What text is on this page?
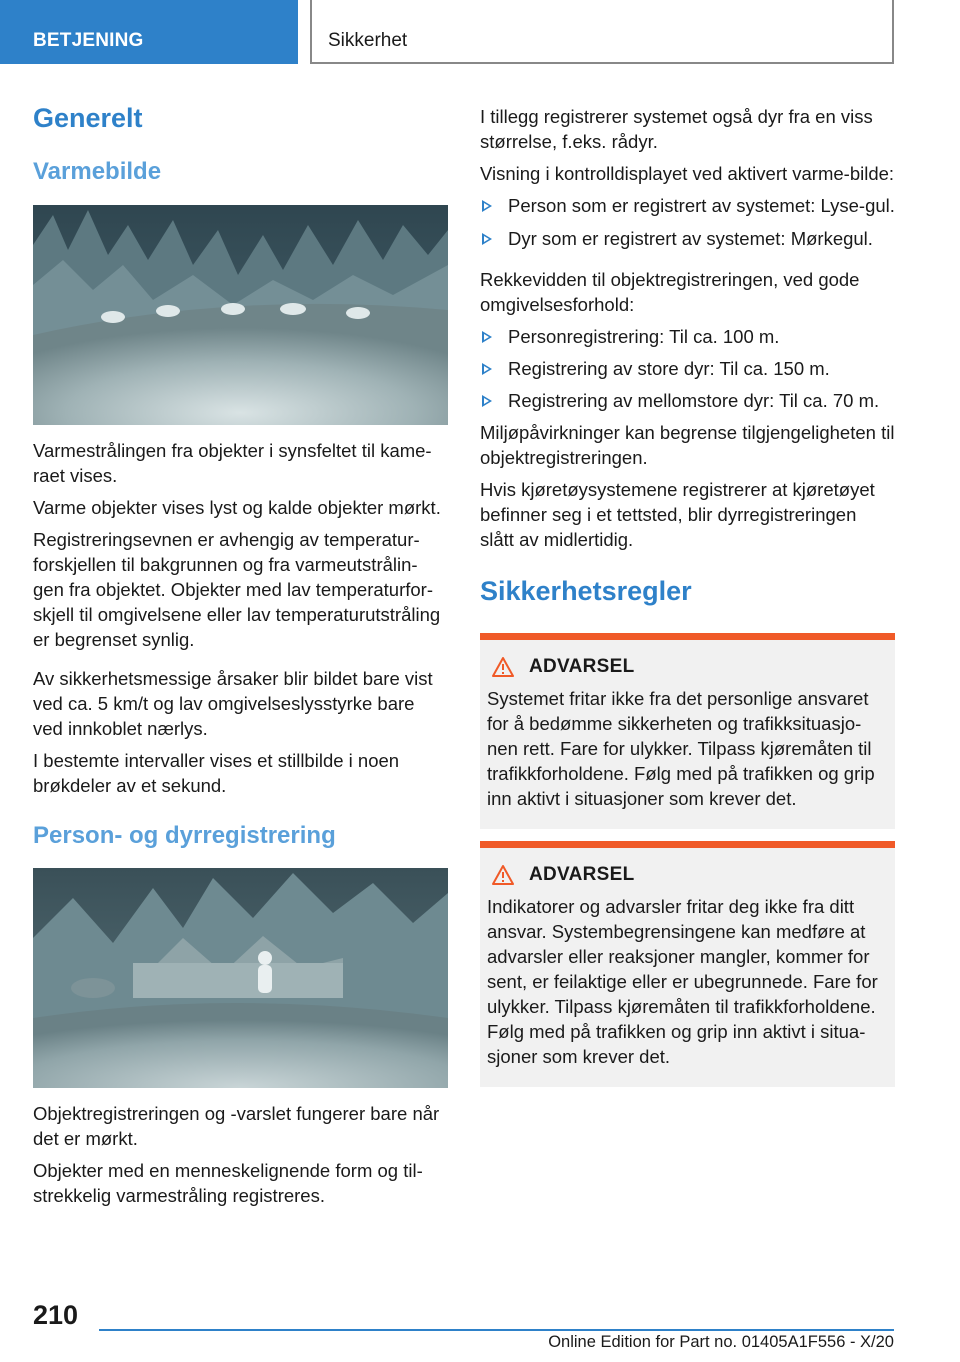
BETJENING	Sikkerhet
Generelt
Varmebilde

Varmestrålingen fra objekter i synsfeltet til kame‐raet vises.

Varme objekter vises lyst og kalde objekter mørkt.

Registreringsevnen er avhengig av temperatur‐forskjellen til bakgrunnen og fra varmeutstrålin‐gen fra objektet. Objekter med lav temperaturfor‐skjell til omgivelsene eller lav temperaturutstråling er begrenset synlig.

Av sikkerhetsmessige årsaker blir bildet bare vist ved ca. 5 km/t og lav omgivelseslysstyrke bare ved innkoblet nærlys.

I bestemte intervaller vises et stillbilde i noen brøkdeler av et sekund.

Person- og dyrregistrering

Objektregistreringen og -varslet fungerer bare når det er mørkt.

Objekter med en menneskelignende form og til‐strekkelig varmestråling registreres.

I tillegg registrerer systemet også dyr fra en viss størrelse, f.eks. rådyr.

Visning i kontrolldisplayet ved aktivert varme‐bilde:

Person som er registrert av systemet: Lyse‐gul.
Dyr som er registrert av systemet: Mørkegul.

Rekkevidden til objektregistreringen, ved gode omgivelsesforhold:

Personregistrering: Til ca. 100 m.
Registrering av store dyr: Til ca. 150 m.
Registrering av mellomstore dyr: Til ca. 70 m.

Miljøpåvirkninger kan begrense tilgjengeligheten til objektregistreringen.

Hvis kjøretøysystemene registrerer at kjøretøyet befinner seg i et tettsted, blir dyrregistreringen slått av midlertidig.

Sikkerhetsregler
ADVARSEL

Systemet fritar ikke fra det personlige ansvaret for å bedømme sikkerheten og trafikksituasjo‐nen rett. Fare for ulykker. Tilpass kjøremåten til trafikkforholdene. Følg med på trafikken og grip inn aktivt i situasjoner som krever det.

ADVARSEL

Indikatorer og advarsler fritar deg ikke fra ditt ansvar. Systembegrensingene kan medføre at advarsler eller reaksjoner mangler, kommer for sent, er feilaktige eller er ubegrunnede. Fare for ulykker. Tilpass kjøremåten til trafikkforholdene. Følg med på trafikken og grip inn aktivt i situa‐sjoner som krever det.

210
Online Edition for Part no. 01405A1F556 - X/20
